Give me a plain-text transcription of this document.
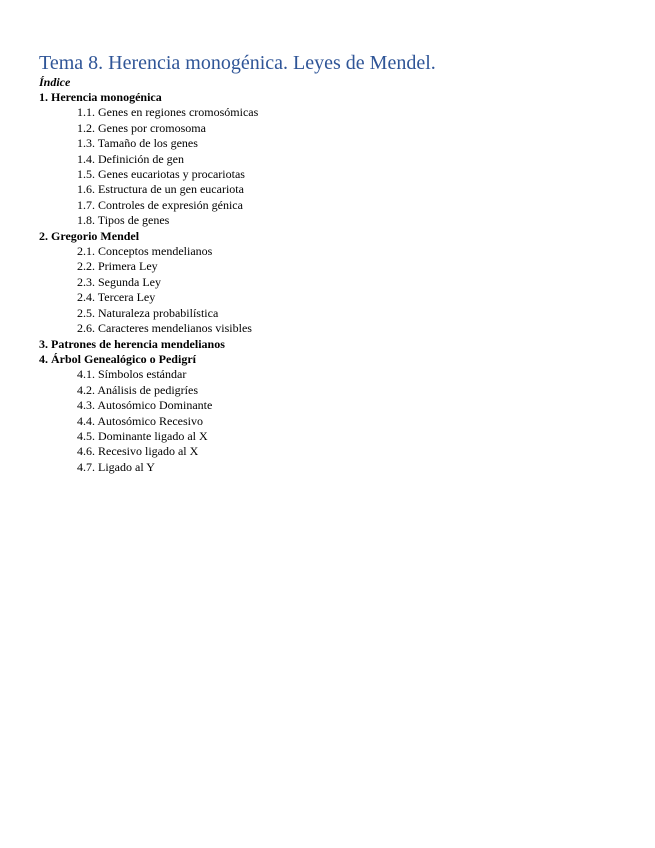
Tema 8. Herencia monogénica. Leyes de Mendel.
Índice
1. Herencia monogénica
1.1. Genes en regiones cromosómicas
1.2. Genes por cromosoma
1.3. Tamaño de los genes
1.4. Definición de gen
1.5. Genes eucariotas y procariotas
1.6. Estructura de un gen eucariota
1.7. Controles de expresión génica
1.8. Tipos de genes
2. Gregorio Mendel
2.1. Conceptos mendelianos
2.2. Primera Ley
2.3. Segunda Ley
2.4. Tercera Ley
2.5. Naturaleza probabilística
2.6. Caracteres mendelianos visibles
3. Patrones de herencia mendelianos
4. Árbol Genealógico o Pedigrí
4.1. Símbolos estándar
4.2. Análisis de pedigríes
4.3. Autosómico Dominante
4.4. Autosómico Recesivo
4.5. Dominante ligado al X
4.6. Recesivo ligado al X
4.7. Ligado al Y
